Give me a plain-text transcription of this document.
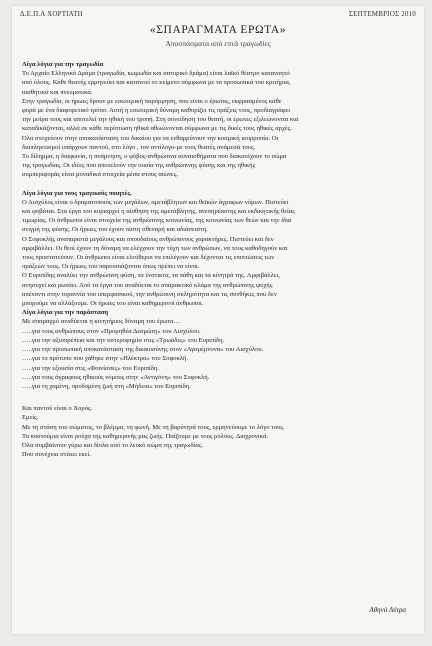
Δ.Ε.Π.Α ΧΟΡΤΙΑΤΗ	ΣΕΠΤΕΜΒΡΙΟΣ 2010
«ΣΠΑΡΑΓΜΑΤΑ ΕΡΩΤΑ»
Αποσπάσματα από επτά τραγωδίες

Λίγα λόγια για την τραγωδία

Το Αρχαίο Ελληνικό Δράμα (τραγωδία, κωμωδία και σατυρικό δράμα) είναι λαϊκό θέατρο κατανοητό

από όλους. Κάθε θεατής ερμηνεύει και κατανοεί το κείμενο σύμφωνα με τα προσωπικά του κριτήρια,

αισθητικά και πνευματικά.

Στην τραγωδία, οι ήρωες δρουν με εσωτερική παρόρμηση, που είναι ο έρωτας, εκφρασμένος κάθε

φορά με ένα διαφορετικό τρόπο. Αυτή η εσωτερική δύναμη καθορίζει τις πράξεις τους, προδιαγράφει

την μοίρα τους και αποτελεί την ηθική του τροπή. Στη συνείδηση του θεατή, οι έρωτες εξιλεώνονται και

καταδικάζονται, αλλά σε κάθε περίπτωση ηθικά αθωώνονται σύμφωνα με τις δικές τους ηθικές αρχές.

Όλα στοχεύουν στην αποκατάσταση του δικαίου για να ενθαρρύνουν την κοσμική ισορροπία. Οι

διαπληκτισμοί υπάρχουν παντού, στο λόγο , τον αντίλογο-με τους θεατές ανάμεσά τους.

Το δίλημμα, η διαφωνία, η ανάμνηση, ο φόβος-ανθρώπινα συναισθήματα που διακατέχουν το σώμα

της τραγωδίας. Οι ιδέες που αποτελούν την ουσία της ανθρώπινης φύσης και της ηθικής

συμπεριφοράς είναι μοναδικά στοιχεία μέσα στους αιώνες.

Λίγα λόγια για τους τραγικούς ποιητές.

Ο Αισχύλος είναι ο δραματοποιός των μεγάλων, αμετάβλητων και θεϊκών άγραφων νόμων. Πιστεύει

και φοβάται. Στα έργα του κυριαρχεί η αίσθηση της αμετάβλητης, ανεπηρέαστης και εκδικητικής θείας

τιμωρίας. Οι άνθρωποι είναι στοιχεία της ανθρώπινης κοινωνίας, της κοινωνίας των θεών και την ίδια

στιγμή της φύσης. Οι ήρωες του έχουν πίστη σθεναρή και αδιάσειστη.

Ο Σοφοκλής αναπαριστά μεγάλους και σπουδαίους ανθρώπινους χαρακτήρες. Πιστεύει και δεν

αμφιβάλλει. Οι θεοί έχουν τη δύναμη να ελέγχουν την τύχη των ανθρώπων, να τους καθοδηγούν και

τους προστατεύουν. Οι άνθρωποι είναι ελεύθεροι να επιλέγουν και δέχονται τις επιπτώσεις των

πράξεών τους. Οι ήρωες του παρουσιάζονται όπως πρέπει να είναι.

Ο Ευριπίδης αναλύει την ανθρώπινη φύση, τα ένστικτα, τα πάθη και τα κίνητρά της. Αμφιβάλλει,

ανησυχεί και ρωτάει. Από τα έργα του αναδύεται το σπαρακτικό κλάμα της ανθρώπινης ψυχής

απέναντι στην τυραννία του υπερφυσικού, την ανθρώπινη σκληρότητα και τις συνθήκες που δεν

μπορούμε να αλλάξουμε. Οι ήρωες του είναι καθημερινοί άνθρωποι.

Λίγα λόγια για την παράσταση

Με σπαραγμό αναδύεται η κινητήριος δύναμη του έρωτα…

…..για τους ανθρώπους στον «Προμηθέα Δεσμώτη» του Αισχύλου.

…..για την αξιοπρέπεια και την υστεροφημία στις «Τρωάδες» του Ευριπίδη.

…..για την προσωπική αποκατάσταση της δικαιοσύνης στον «Αγαμέμνονα» του Αισχύλου.

…..για το πρότυπο που χάθηκε στην «Ηλέκτρα» του Σοφοκλή.

…..για την εξουσία στις «Φοινίσσες» του Ευριπίδη.

…..για τους άγραφους ηθικούς νόμους στην «Αντιγόνη» του Σοφοκλή.

…..για τη χαμένη, προδομένη ζωή στη «Μήδεια» του Ευριπίδη.

Και παντού είναι ο Χορός.

Εμείς.

Με τη στάση του σώματος, το βλέμμα, τη φωνή. Με τη βαρύτητά τους, ερμηνεύουμε το λόγο τους.

Τα κοστούμια είναι ρούχα της καθημερινής μας ζωής. Παίζουμε με τους ρόλους. Διαχρονικά.

Όλα συμβαίνουν γύρω και δίπλα από το λευκό σώμα της τραγωδίας.

Που συνέχεια στέκει εκεί.

Αθηνά Λύτρα
